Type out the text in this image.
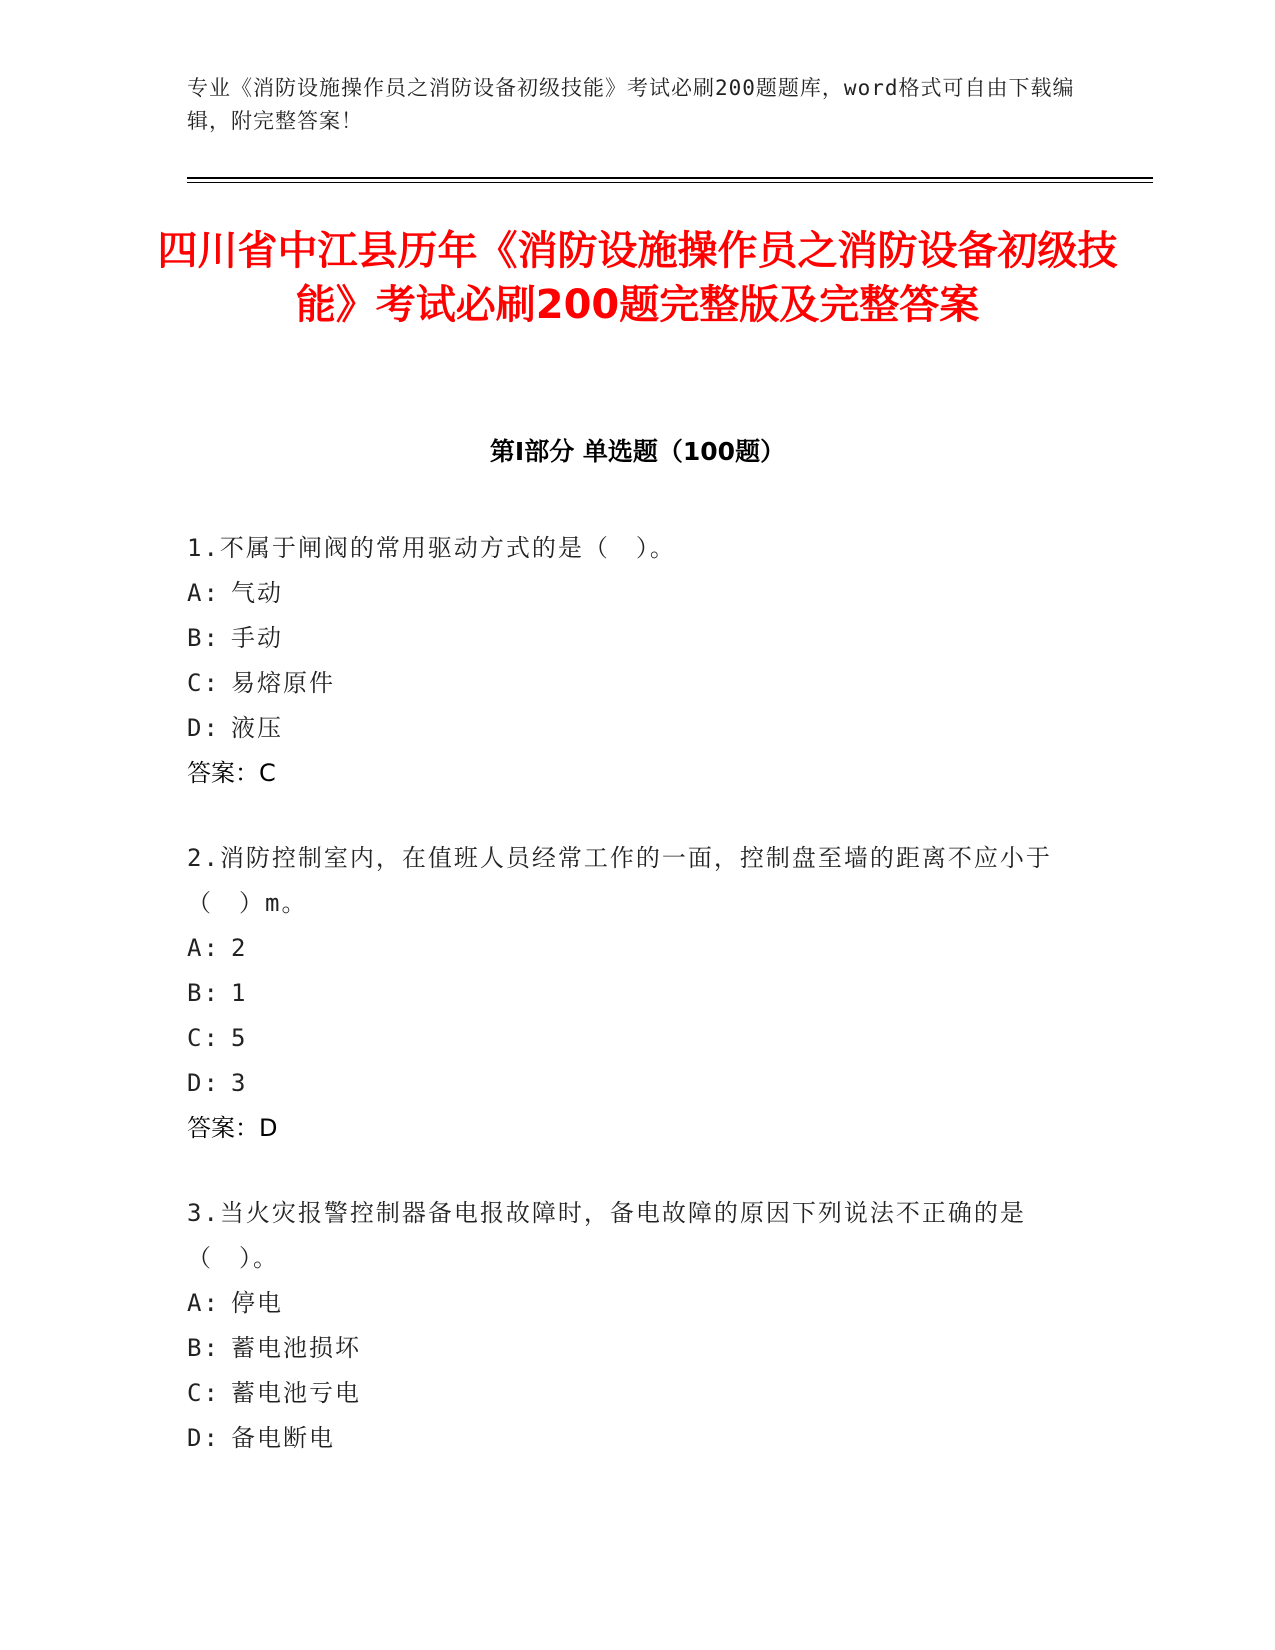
专业《消防设施操作员之消防设备初级技能》考试必刷200题题库，word格式可自由下载编辑，附完整答案！
四川省中江县历年《消防设施操作员之消防设备初级技能》考试必刷200题完整版及完整答案
第I部分 单选题（100题）
1.不属于闸阀的常用驱动方式的是（　）。
A: 气动
B: 手动
C: 易熔原件
D: 液压
答案：C
2.消防控制室内，在值班人员经常工作的一面，控制盘至墙的距离不应小于（　）m。
A: 2
B: 1
C: 5
D: 3
答案：D
3.当火灾报警控制器备电报故障时，备电故障的原因下列说法不正确的是（　）。
A: 停电
B: 蓄电池损坏
C: 蓄电池亏电
D: 备电断电
